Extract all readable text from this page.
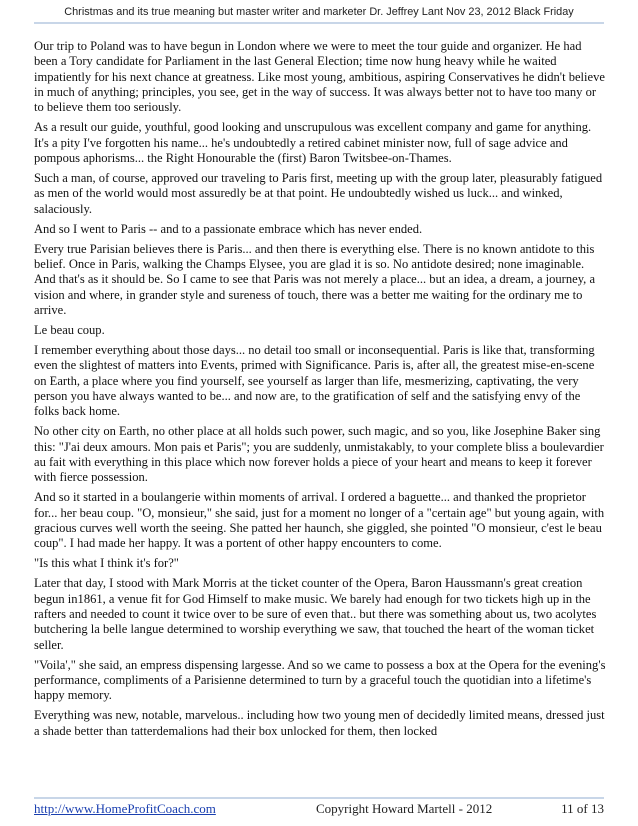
Christmas and its true meaning but master writer and marketer Dr. Jeffrey Lant Nov 23, 2012 Black Friday

Our trip to Poland was to have begun in London where we were to meet the tour guide and organizer. He had been a Tory candidate for Parliament in the last General Election; time now hung heavy while he waited impatiently for his next chance at greatness. Like most young, ambitious, aspiring Conservatives he didn't believe in much of anything; principles, you see, get in the way of success. It was always better not to have too many or to believe them too seriously.

As a result our guide, youthful, good looking and unscrupulous was excellent company and game for anything. It's a pity I've forgotten his name... he's undoubtedly a retired cabinet minister now, full of sage advice and pompous aphorisms... the Right Honourable the (first) Baron Twitsbee-on-Thames.

Such a man, of course, approved our traveling to Paris first, meeting up with the group later, pleasurably fatigued as men of the world would most assuredly be at that point. He undoubtedly wished us luck... and winked, salaciously.

And so I went to Paris -- and to a passionate embrace which has never ended.

Every true Parisian believes there is Paris... and then there is everything else. There is no known antidote to this belief. Once in Paris, walking the Champs Elysee, you are glad it is so. No antidote desired; none imaginable. And that's as it should be. So I came to see that Paris was not merely a place... but an idea, a dream, a journey, a vision and where, in grander style and sureness of touch, there was a better me waiting for the ordinary me to arrive.

Le beau coup.

I remember everything about those days... no detail too small or inconsequential. Paris is like that, transforming even the slightest of matters into Events, primed with Significance. Paris is, after all, the greatest mise-en-scene on Earth, a place where you find yourself, see yourself as larger than life, mesmerizing, captivating, the very person you have always wanted to be... and now are, to the gratification of self and the satisfying envy of the folks back home.

No other city on Earth, no other place at all holds such power, such magic, and so you, like Josephine Baker sing this: "J'ai deux amours. Mon pais et Paris"; you are suddenly, unmistakably, to your complete bliss a boulevardier au fait with everything in this place which now forever holds a piece of your heart and means to keep it forever with fierce possession.

And so it started in a boulangerie within moments of arrival. I ordered a baguette... and thanked the proprietor for... her beau coup. "O, monsieur," she said, just for a moment no longer of a "certain age" but young again, with gracious curves well worth the seeing. She patted her haunch, she giggled, she pointed "O monsieur, c'est le beau coup". I had made her happy. It was a portent of other happy encounters to come.

"Is this what I think it's for?"

Later that day, I stood with Mark Morris at the ticket counter of the Opera, Baron Haussmann's great creation begun in1861, a venue fit for God Himself to make music. We barely had enough for two tickets high up in the rafters and needed to count it twice over to be sure of even that.. but there was something about us, two acolytes butchering la belle langue determined to worship everything we saw, that touched the heart of the woman ticket seller.

"Voila'," she said, an empress dispensing largesse. And so we came to possess a box at the Opera for the evening's performance, compliments of a Parisienne determined to turn by a graceful touch the quotidian into a lifetime's happy memory.

Everything was new, notable, marvelous.. including how two young men of decidedly limited means, dressed just a shade better than tatterdemalions had their box unlocked for them, then locked

http://www.HomeProfitCoach.com	Copyright Howard Martell - 2012	11 of 13
